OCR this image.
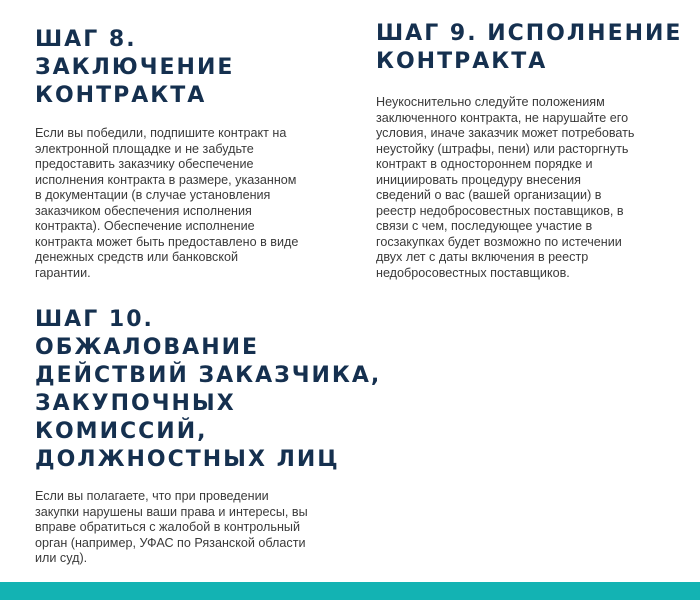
ШАГ 8.
ЗАКЛЮЧЕНИЕ
КОНТРАКТА

Если вы победили, подпишите контракт на
электронной площадке и не забудьте
предоставить заказчику обеспечение
исполнения контракта в размере, указанном
в документации (в случае установления
заказчиком обеспечения исполнения
контракта). Обеспечение исполнение
контракта может быть предоставлено в виде
денежных средств или банковской
гарантии.

ШАГ 9. ИСПОЛНЕНИЕ
КОНТРАКТА

Неукоснительно следуйте положениям
заключенного контракта, не нарушайте его
условия, иначе заказчик может потребовать
неустойку (штрафы, пени) или расторгнуть
контракт в одностороннем порядке и
инициировать процедуру внесения
сведений о вас (вашей организации) в
реестр недобросовестных поставщиков, в
связи с чем, последующее участие в
госзакупках будет возможно по истечении
двух лет с даты включения в реестр
недобросовестных поставщиков.

ШАГ 10.
ОБЖАЛОВАНИЕ
ДЕЙСТВИЙ ЗАКАЗЧИКА,
ЗАКУПОЧНЫХ
КОМИССИЙ,
ДОЛЖНОСТНЫХ ЛИЦ

Если вы полагаете, что при проведении
закупки нарушены ваши права и интересы, вы
вправе обратиться с жалобой в контрольный
орган (например, УФАС по Рязанской области
или суд).
